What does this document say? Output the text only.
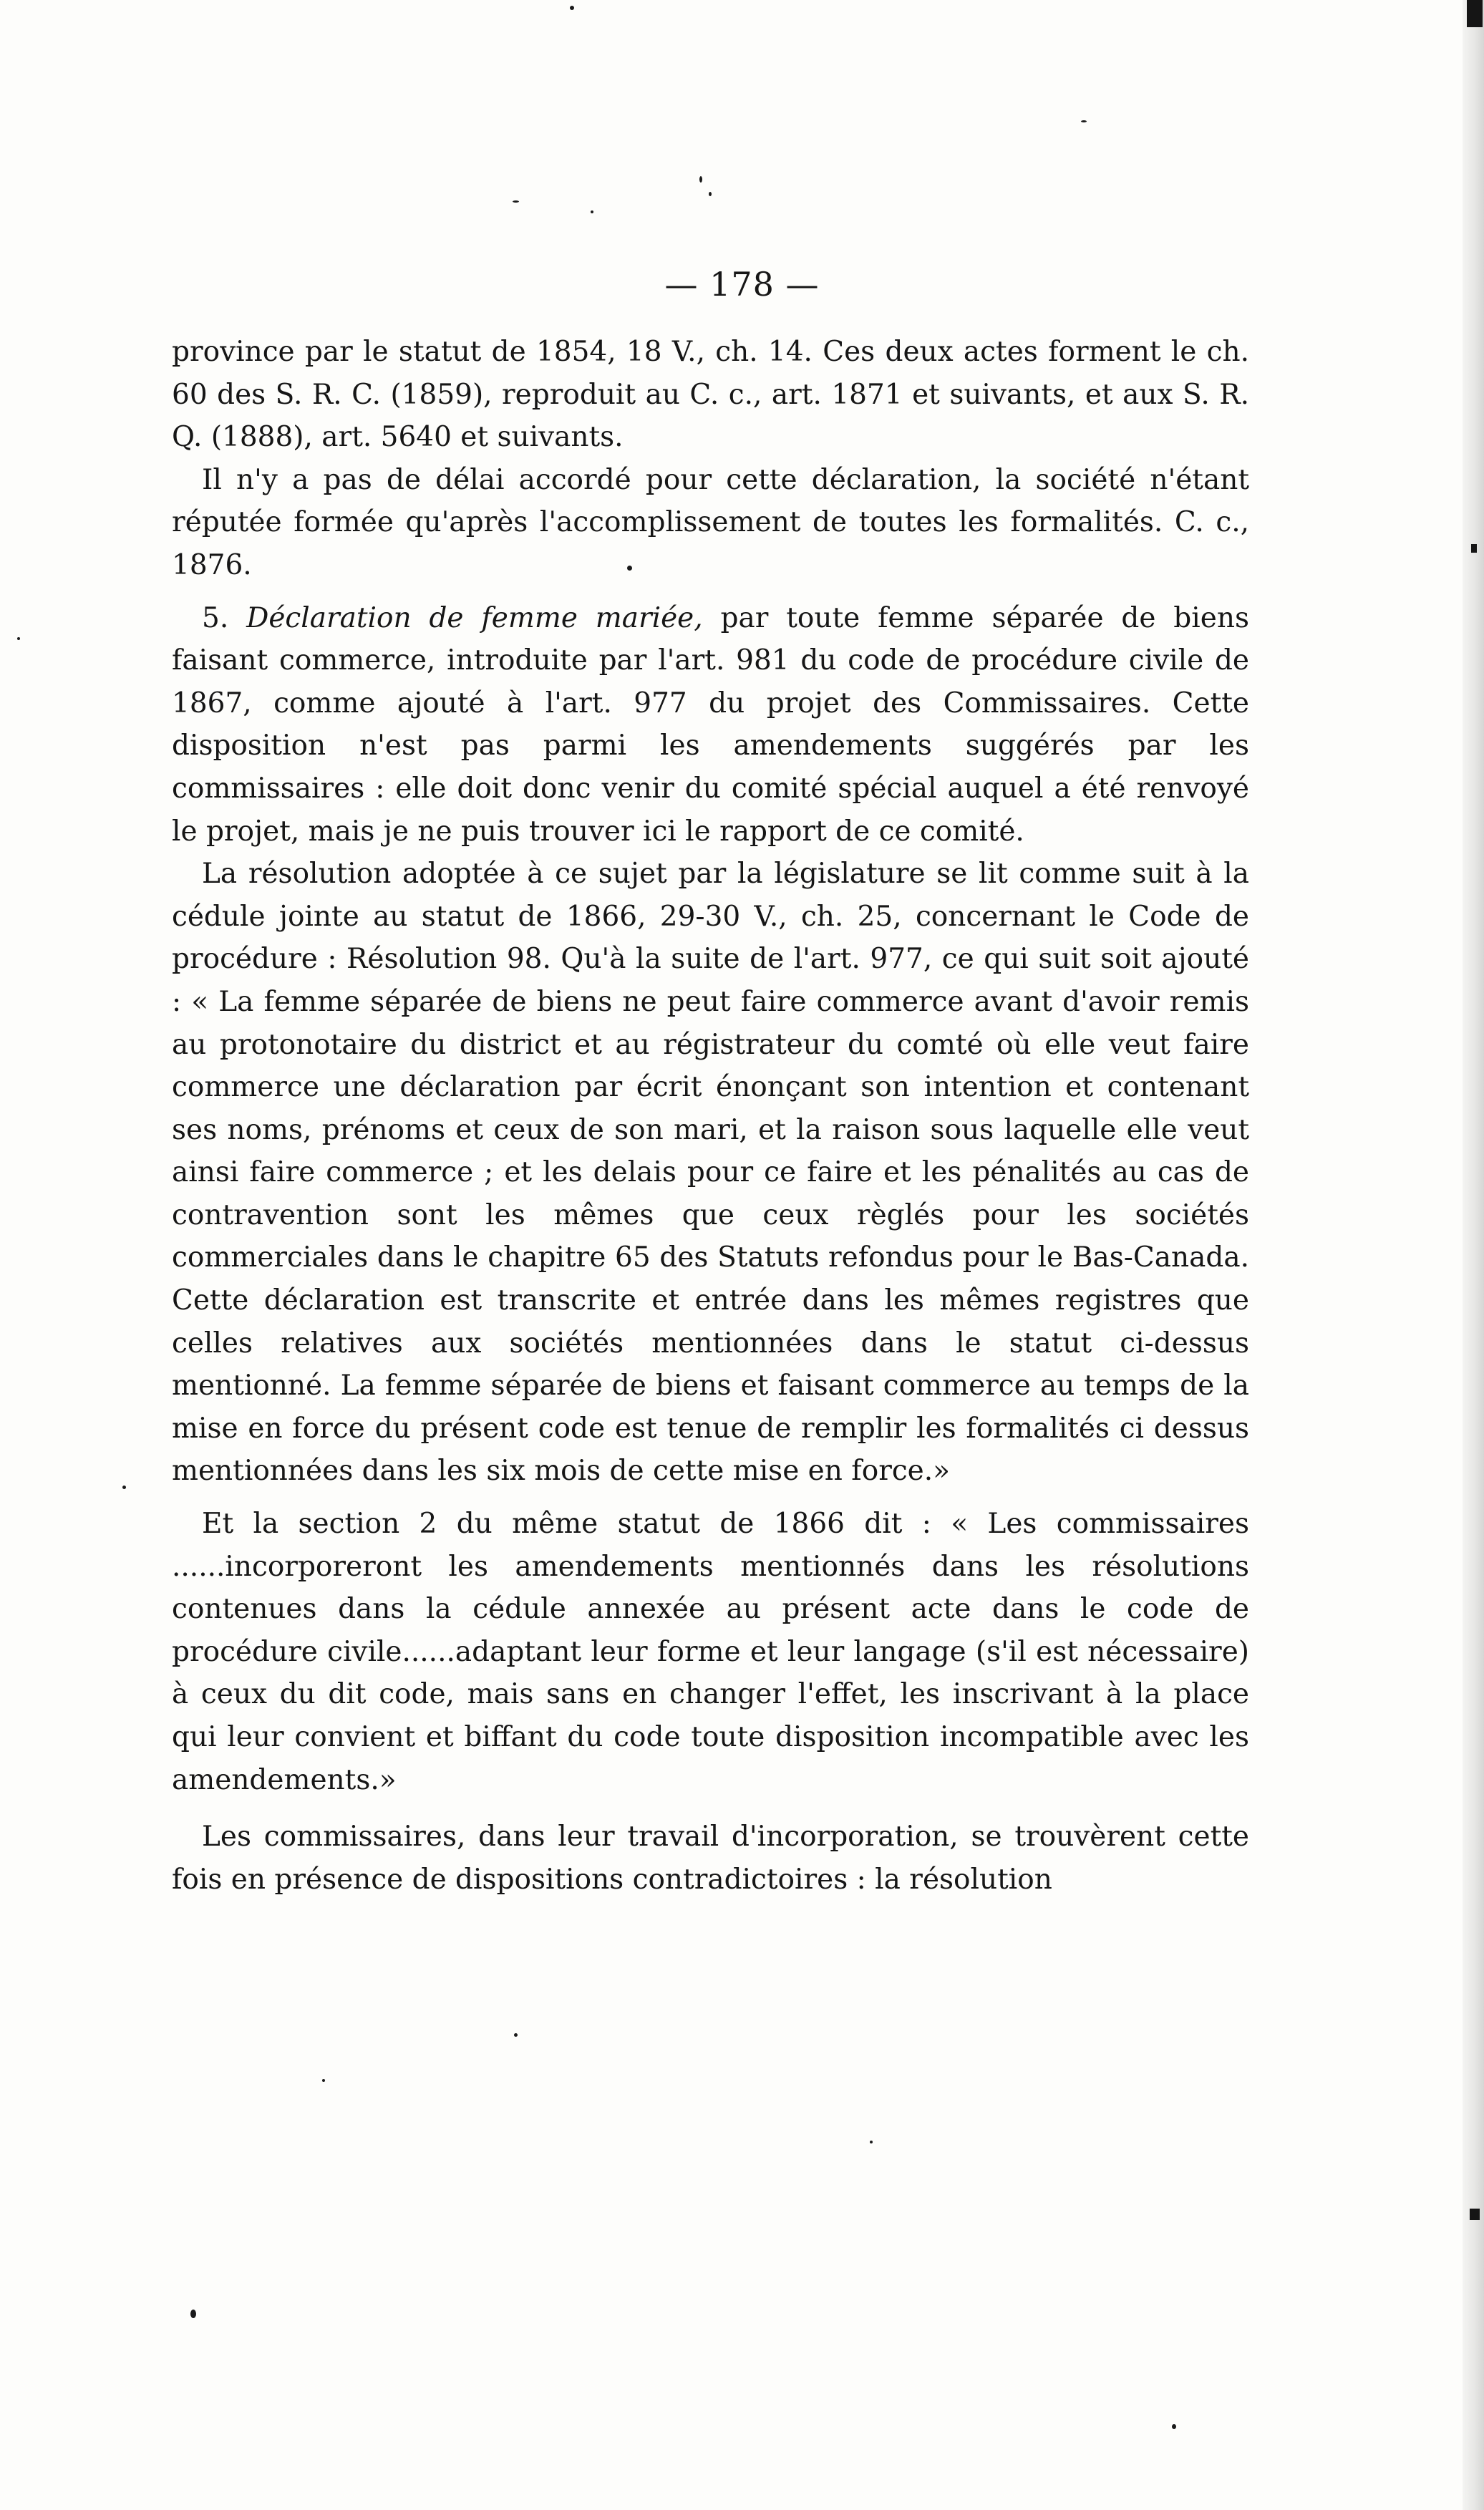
— 178 —

province par le statut de 1854, 18 V., ch. 14. Ces deux actes forment le ch. 60 des S. R. C. (1859), reproduit au C. c., art. 1871 et suivants, et aux S. R. Q. (1888), art. 5640 et suivants.

Il n'y a pas de délai accordé pour cette déclaration, la société n'étant réputée formée qu'après l'accomplissement de toutes les formalités. C. c., 1876.

5. Déclaration de femme mariée, par toute femme séparée de biens faisant commerce, introduite par l'art. 981 du code de procédure civile de 1867, comme ajouté à l'art. 977 du projet des Commissaires. Cette disposition n'est pas parmi les amendements suggérés par les commissaires : elle doit donc venir du comité spécial auquel a été renvoyé le projet, mais je ne puis trouver ici le rapport de ce comité.

La résolution adoptée à ce sujet par la législature se lit comme suit à la cédule jointe au statut de 1866, 29-30 V., ch. 25, concernant le Code de procédure : Résolution 98. Qu'à la suite de l'art. 977, ce qui suit soit ajouté : « La femme séparée de biens ne peut faire commerce avant d'avoir remis au protonotaire du district et au régistrateur du comté où elle veut faire commerce une déclaration par écrit énonçant son intention et contenant ses noms, prénoms et ceux de son mari, et la raison sous laquelle elle veut ainsi faire commerce ; et les delais pour ce faire et les pénalités au cas de contravention sont les mêmes que ceux règlés pour les sociétés commerciales dans le chapitre 65 des Statuts refondus pour le Bas-Canada. Cette déclaration est transcrite et entrée dans les mêmes registres que celles relatives aux sociétés mentionnées dans le statut ci-dessus mentionné. La femme séparée de biens et faisant commerce au temps de la mise en force du présent code est tenue de remplir les formalités ci dessus mentionnées dans les six mois de cette mise en force.»

Et la section 2 du même statut de 1866 dit : « Les commissaires ......incorporeront les amendements mentionnés dans les résolutions contenues dans la cédule annexée au présent acte dans le code de procédure civile......adaptant leur forme et leur langage (s'il est nécessaire) à ceux du dit code, mais sans en changer l'effet, les inscrivant à la place qui leur convient et biffant du code toute disposition incompatible avec les amendements.»

Les commissaires, dans leur travail d'incorporation, se trouvèrent cette fois en présence de dispositions contradictoires : la résolution
